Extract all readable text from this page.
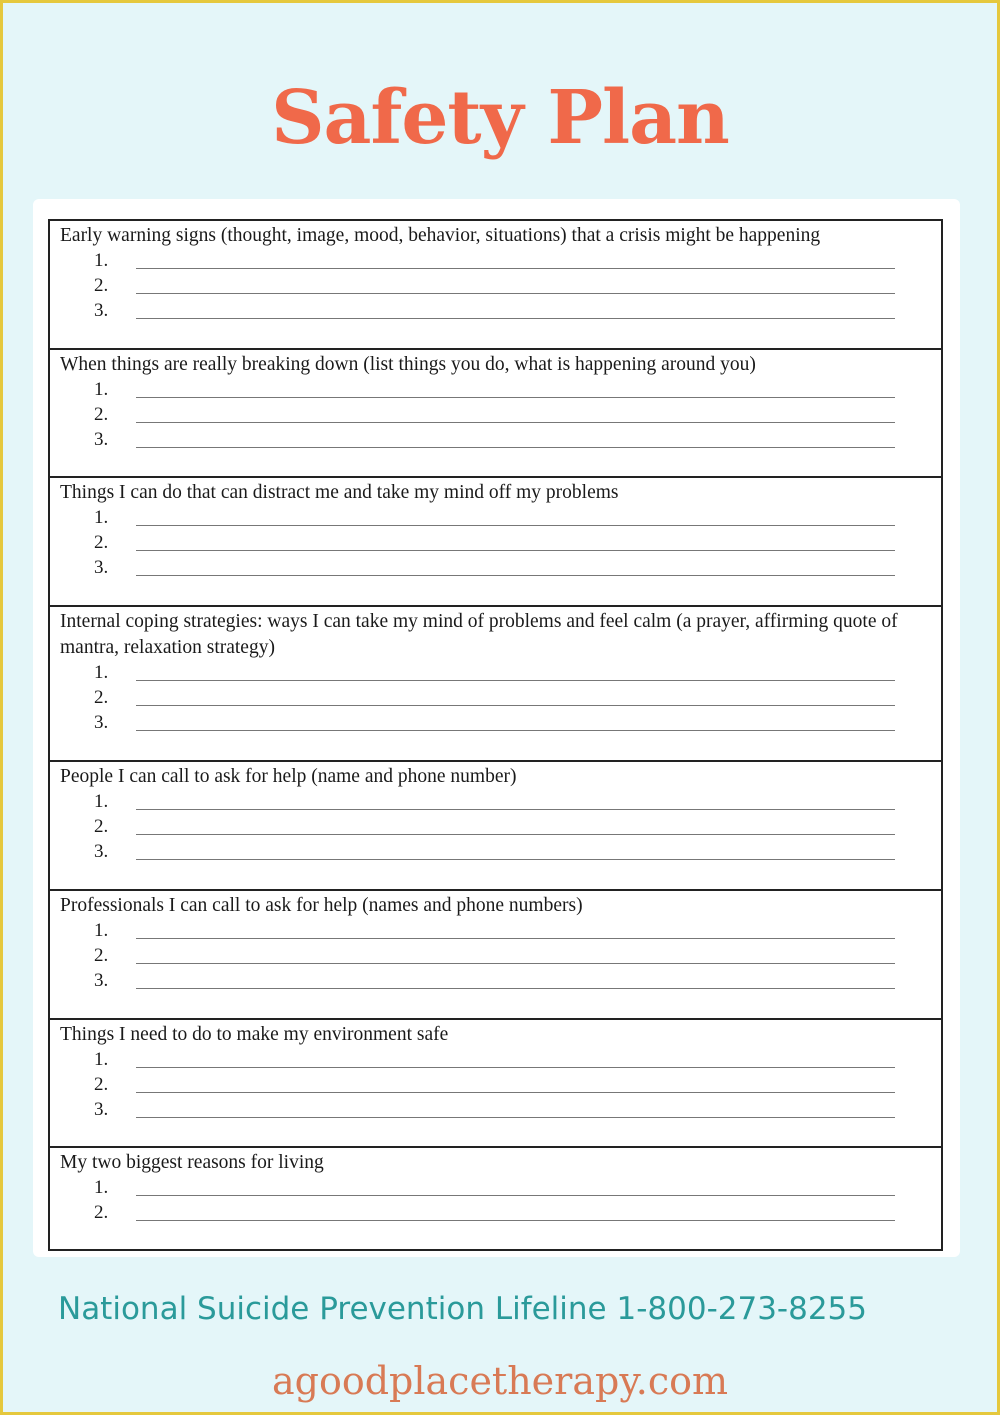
Safety Plan
Early warning signs (thought, image, mood, behavior, situations) that a crisis might be happening
1.
2.
3.
When things are really breaking down (list things you do, what is happening around you)
1.
2.
3.
Things I can do that can distract me and take my mind off my problems
1.
2.
3.
Internal coping strategies: ways I can take my mind of problems and feel calm (a prayer, affirming quote of mantra, relaxation strategy)
1.
2.
3.
People I can call to ask for help (name and phone number)
1.
2.
3.
Professionals I can call to ask for help (names and phone numbers)
1.
2.
3.
Things I need to do to make my environment safe
1.
2.
3.
My two biggest reasons for living
1.
2.
National Suicide Prevention Lifeline 1-800-273-8255
agoodplacetherapy.com
